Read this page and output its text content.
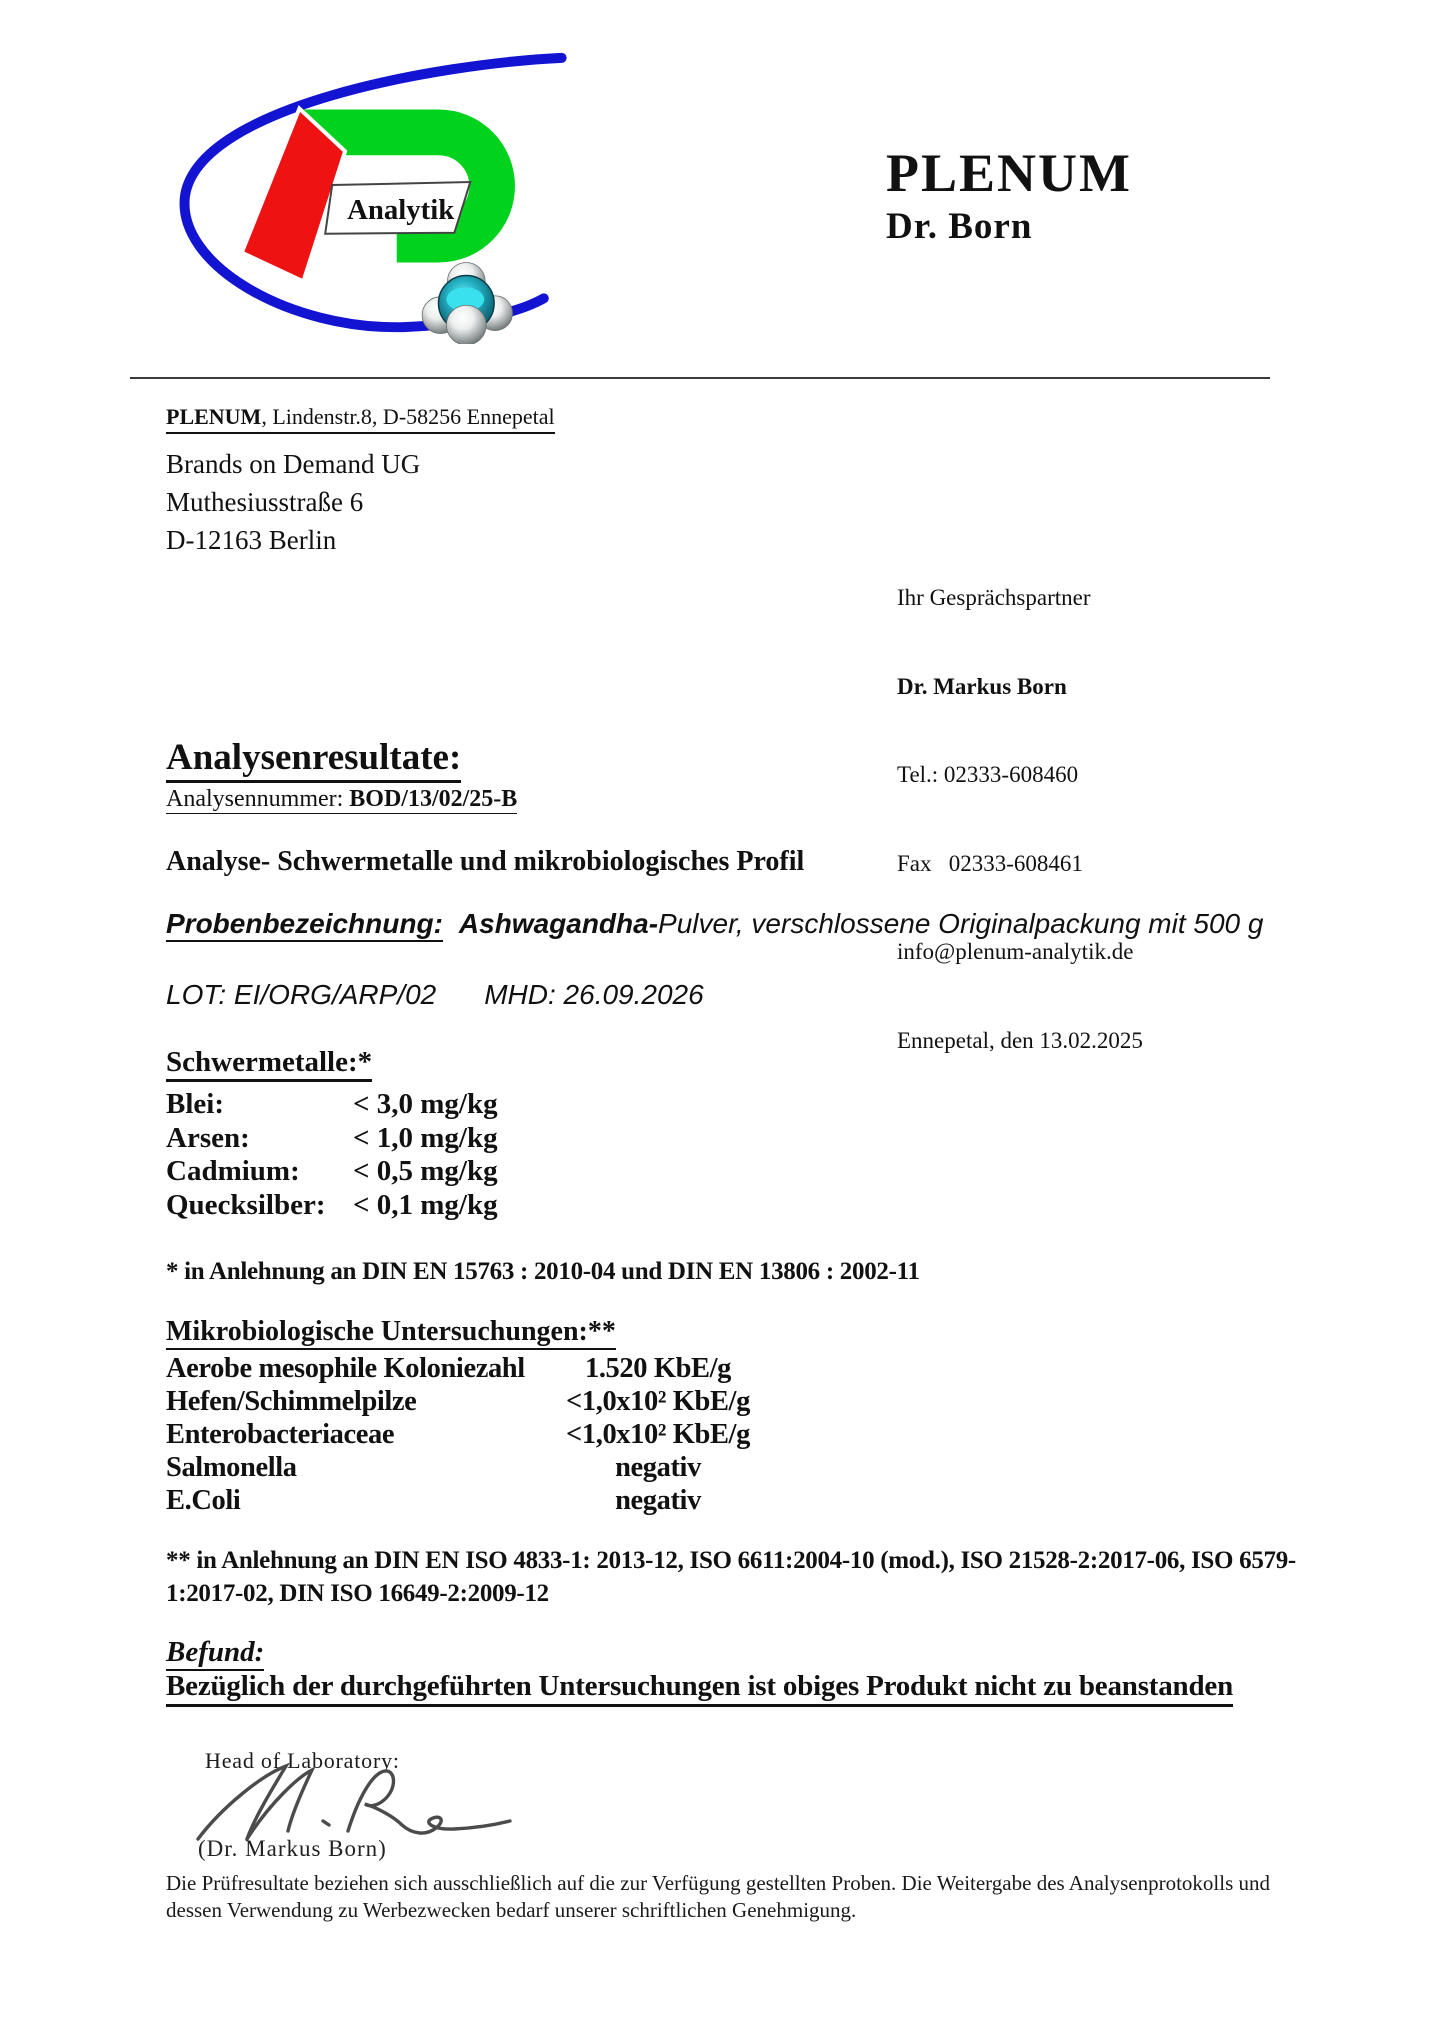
Analytik
PLENUM
Dr. Born
PLENUM, Lindenstr.8, D-58256 Ennepetal
Brands on Demand UG
Muthesiusstraße 6
D-12163 Berlin

Ihr Gesprächspartner

Dr. Markus Born

Tel.: 02333-608460

Fax   02333-608461

info@plenum-analytik.de

Ennepetal, den 13.02.2025

Analysenresultate:
Analysennummer: BOD/13/02/25-B
Analyse- Schwermetalle und mikrobiologisches Profil
Probenbezeichnung: Ashwagandha-Pulver, verschlossene Originalpackung mit 500 g
LOT: EI/ORG/ARP/02 MHD: 26.09.2026
Schwermetalle:*
Blei:	< 3,0 mg/kg
Arsen:	< 1,0 mg/kg
Cadmium:	< 0,5 mg/kg
Quecksilber: < 0,1 mg/kg
* in Anlehnung an DIN EN 15763 : 2010-04 und DIN EN 13806 : 2002-11
Mikrobiologische Untersuchungen:**
Aerobe mesophile Koloniezahl	1.520 KbE/g
Hefen/Schimmelpilze	<1,0x10² KbE/g
Enterobacteriaceae	<1,0x10² KbE/g
Salmonella	negativ
E.Coli	negativ
** in Anlehnung an DIN EN ISO 4833-1: 2013-12, ISO 6611:2004-10 (mod.), ISO 21528-2:2017-06, ISO 6579-1:2017-02, DIN ISO 16649-2:2009-12
Befund:
Bezüglich der durchgeführten Untersuchungen ist obiges Produkt nicht zu beanstanden
Head of Laboratory:
(Dr. Markus Born)
Die Prüfresultate beziehen sich ausschließlich auf die zur Verfügung gestellten Proben. Die Weitergabe des Analysenprotokolls und dessen Verwendung zu Werbezwecken bedarf unserer schriftlichen Genehmigung.
